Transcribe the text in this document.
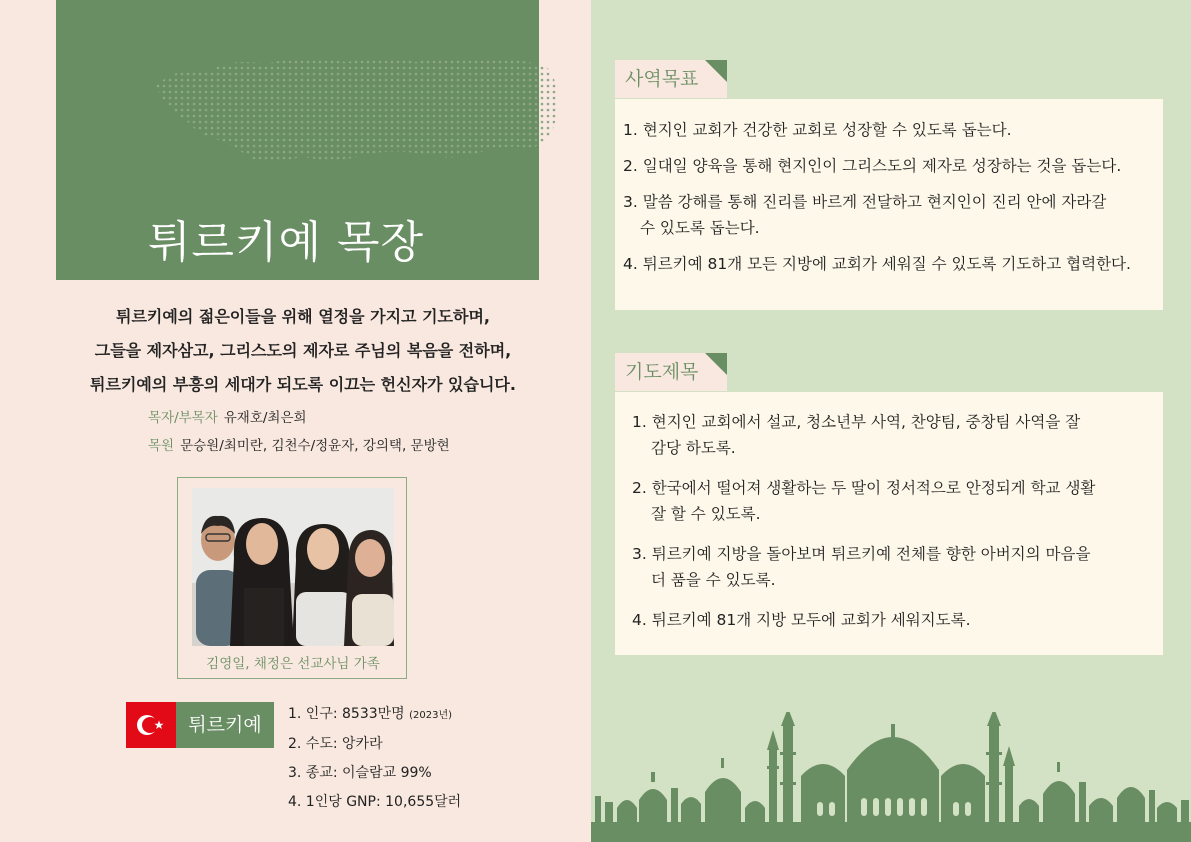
튀르키예 목장
튀르키예의 젊은이들을 위해 열정을 가지고 기도하며,
그들을 제자삼고, 그리스도의 제자로 주님의 복음을 전하며,
튀르키예의 부흥의 세대가 되도록 이끄는 헌신자가 있습니다.
목자/부목자 유재호/최은희
목원 문승원/최미란, 김천수/정윤자, 강의택, 문방현
김영일, 채정은 선교사님 가족
튀르키예	1. 인구: 8533만명 (2023년)
2. 수도: 앙카라
3. 종교: 이슬람교 99%
4. 1인당 GNP: 10,655달러
사역목표
1. 현지인 교회가 건강한 교회로 성장할 수 있도록 돕는다.
2. 일대일 양육을 통해 현지인이 그리스도의 제자로 성장하는 것을 돕는다.
3. 말씀 강해를 통해 진리를 바르게 전달하고 현지인이 진리 안에 자라갈
수 있도록 돕는다.
4. 튀르키예 81개 모든 지방에 교회가 세워질 수 있도록 기도하고 협력한다.
기도제목
1. 현지인 교회에서 설교, 청소년부 사역, 찬양팀, 중창팀 사역을 잘
감당 하도록.
2. 한국에서 떨어져 생활하는 두 딸이 정서적으로 안정되게 학교 생활
잘 할 수 있도록.
3. 튀르키예 지방을 돌아보며 튀르키예 전체를 향한 아버지의 마음을
더 품을 수 있도록.
4. 튀르키예 81개 지방 모두에 교회가 세워지도록.
